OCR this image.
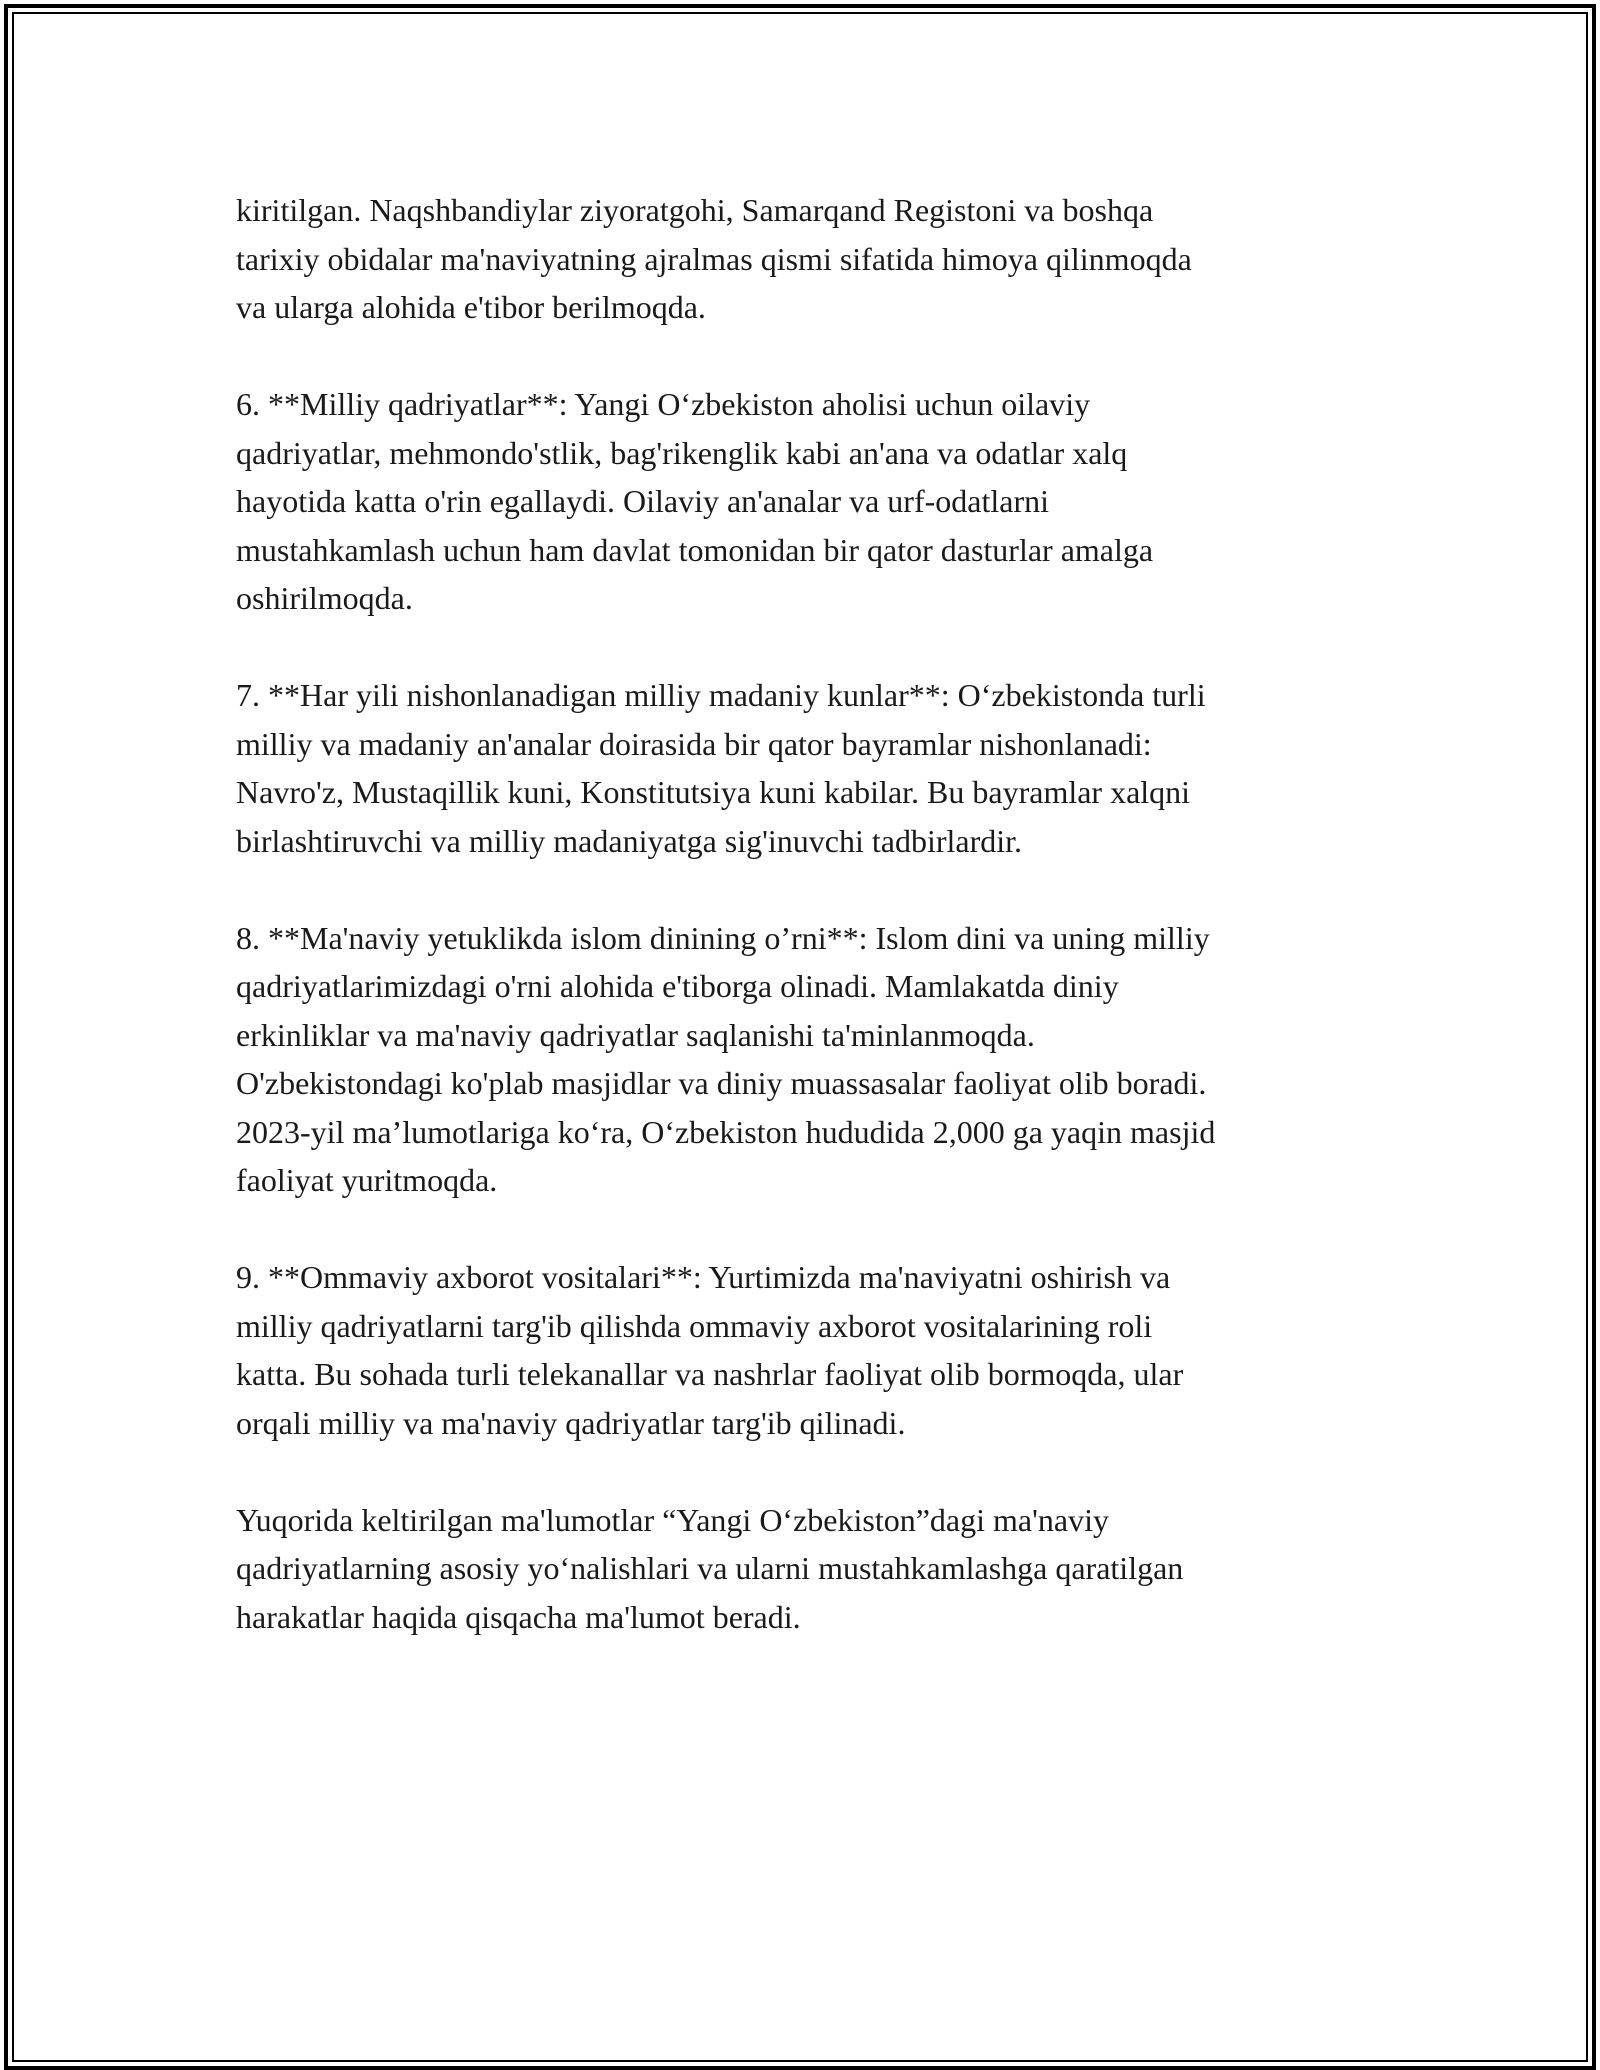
kiritilgan. Naqshbandiylar ziyoratgohi, Samarqand Registoni va boshqa
tarixiy obidalar ma'naviyatning ajralmas qismi sifatida himoya qilinmoqda
va ularga alohida e'tibor berilmoqda.

6. **Milliy qadriyatlar**: Yangi O‘zbekiston aholisi uchun oilaviy
qadriyatlar, mehmondo'stlik, bag'rikenglik kabi an'ana va odatlar xalq
hayotida katta o'rin egallaydi. Oilaviy an'analar va urf-odatlarni
mustahkamlash uchun ham davlat tomonidan bir qator dasturlar amalga
oshirilmoqda.

7. **Har yili nishonlanadigan milliy madaniy kunlar**: O‘zbekistonda turli
milliy va madaniy an'analar doirasida bir qator bayramlar nishonlanadi:
Navro'z, Mustaqillik kuni, Konstitutsiya kuni kabilar. Bu bayramlar xalqni
birlashtiruvchi va milliy madaniyatga sig'inuvchi tadbirlardir.

8. **Ma'naviy yetuklikda islom dinining o’rni**: Islom dini va uning milliy
qadriyatlarimizdagi o'rni alohida e'tiborga olinadi. Mamlakatda diniy
erkinliklar va ma'naviy qadriyatlar saqlanishi ta'minlanmoqda.
O'zbekistondagi ko'plab masjidlar va diniy muassasalar faoliyat olib boradi.
2023-yil ma’lumotlariga ko‘ra, O‘zbekiston hududida 2,000 ga yaqin masjid
faoliyat yuritmoqda.

9. **Ommaviy axborot vositalari**: Yurtimizda ma'naviyatni oshirish va
milliy qadriyatlarni targ'ib qilishda ommaviy axborot vositalarining roli
katta. Bu sohada turli telekanallar va nashrlar faoliyat olib bormoqda, ular
orqali milliy va ma'naviy qadriyatlar targ'ib qilinadi.

Yuqorida keltirilgan ma'lumotlar “Yangi O‘zbekiston”dagi ma'naviy
qadriyatlarning asosiy yo‘nalishlari va ularni mustahkamlashga qaratilgan
harakatlar haqida qisqacha ma'lumot beradi.
